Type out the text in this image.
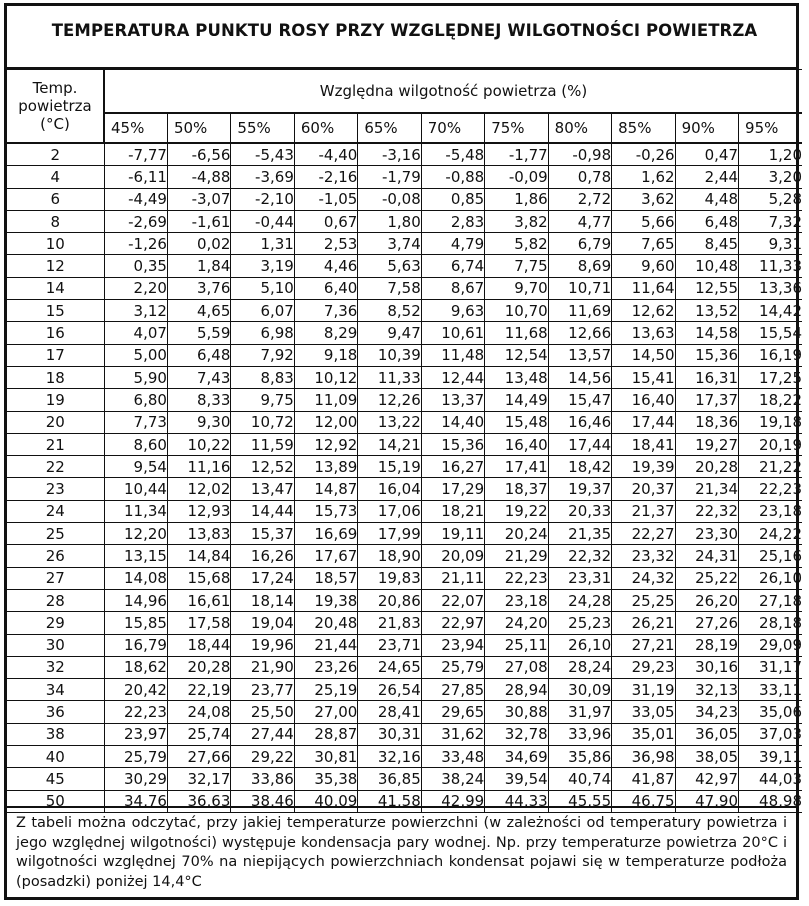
TEMPERATURA PUNKTU ROSY PRZY WZGLĘDNEJ WILGOTNOŚCI POWIETRZA
Temp.
powietrza
(°C)	Względna wilgotność powietrza (%)										
	45%	50%	55%	60%	65%	70%	75%	80%	85%	90%	95%
2	-7,77	-6,56	-5,43	-4,40	-3,16	-5,48	-1,77	-0,98	-0,26	0,47	1,20
4	-6,11	-4,88	-3,69	-2,16	-1,79	-0,88	-0,09	0,78	1,62	2,44	3,20
6	-4,49	-3,07	-2,10	-1,05	-0,08	0,85	1,86	2,72	3,62	4,48	5,28
8	-2,69	-1,61	-0,44	0,67	1,80	2,83	3,82	4,77	5,66	6,48	7,32
10	-1,26	0,02	1,31	2,53	3,74	4,79	5,82	6,79	7,65	8,45	9,31
12	0,35	1,84	3,19	4,46	5,63	6,74	7,75	8,69	9,60	10,48	11,33
14	2,20	3,76	5,10	6,40	7,58	8,67	9,70	10,71	11,64	12,55	13,36
15	3,12	4,65	6,07	7,36	8,52	9,63	10,70	11,69	12,62	13,52	14,42
16	4,07	5,59	6,98	8,29	9,47	10,61	11,68	12,66	13,63	14,58	15,54
17	5,00	6,48	7,92	9,18	10,39	11,48	12,54	13,57	14,50	15,36	16,19
18	5,90	7,43	8,83	10,12	11,33	12,44	13,48	14,56	15,41	16,31	17,25
19	6,80	8,33	9,75	11,09	12,26	13,37	14,49	15,47	16,40	17,37	18,22
20	7,73	9,30	10,72	12,00	13,22	14,40	15,48	16,46	17,44	18,36	19,18
21	8,60	10,22	11,59	12,92	14,21	15,36	16,40	17,44	18,41	19,27	20,19
22	9,54	11,16	12,52	13,89	15,19	16,27	17,41	18,42	19,39	20,28	21,22
23	10,44	12,02	13,47	14,87	16,04	17,29	18,37	19,37	20,37	21,34	22,23
24	11,34	12,93	14,44	15,73	17,06	18,21	19,22	20,33	21,37	22,32	23,18
25	12,20	13,83	15,37	16,69	17,99	19,11	20,24	21,35	22,27	23,30	24,22
26	13,15	14,84	16,26	17,67	18,90	20,09	21,29	22,32	23,32	24,31	25,16
27	14,08	15,68	17,24	18,57	19,83	21,11	22,23	23,31	24,32	25,22	26,10
28	14,96	16,61	18,14	19,38	20,86	22,07	23,18	24,28	25,25	26,20	27,18
29	15,85	17,58	19,04	20,48	21,83	22,97	24,20	25,23	26,21	27,26	28,18
30	16,79	18,44	19,96	21,44	23,71	23,94	25,11	26,10	27,21	28,19	29,09
32	18,62	20,28	21,90	23,26	24,65	25,79	27,08	28,24	29,23	30,16	31,17
34	20,42	22,19	23,77	25,19	26,54	27,85	28,94	30,09	31,19	32,13	33,11
36	22,23	24,08	25,50	27,00	28,41	29,65	30,88	31,97	33,05	34,23	35,06
38	23,97	25,74	27,44	28,87	30,31	31,62	32,78	33,96	35,01	36,05	37,03
40	25,79	27,66	29,22	30,81	32,16	33,48	34,69	35,86	36,98	38,05	39,11
45	30,29	32,17	33,86	35,38	36,85	38,24	39,54	40,74	41,87	42,97	44,03
50	34,76	36,63	38,46	40,09	41,58	42,99	44,33	45,55	46,75	47,90	48,98
Z tabeli można odczytać, przy jakiej temperaturze powierzchni (w zależności od temperatury powietrza i jego względnej wilgotności) występuje kondensacja pary wodnej. Np. przy temperaturze powietrza 20°C i wilgotności względnej 70% na niepijących powierzchniach kondensat pojawi się w temperaturze podłoża (posadzki) poniżej 14,4°C
